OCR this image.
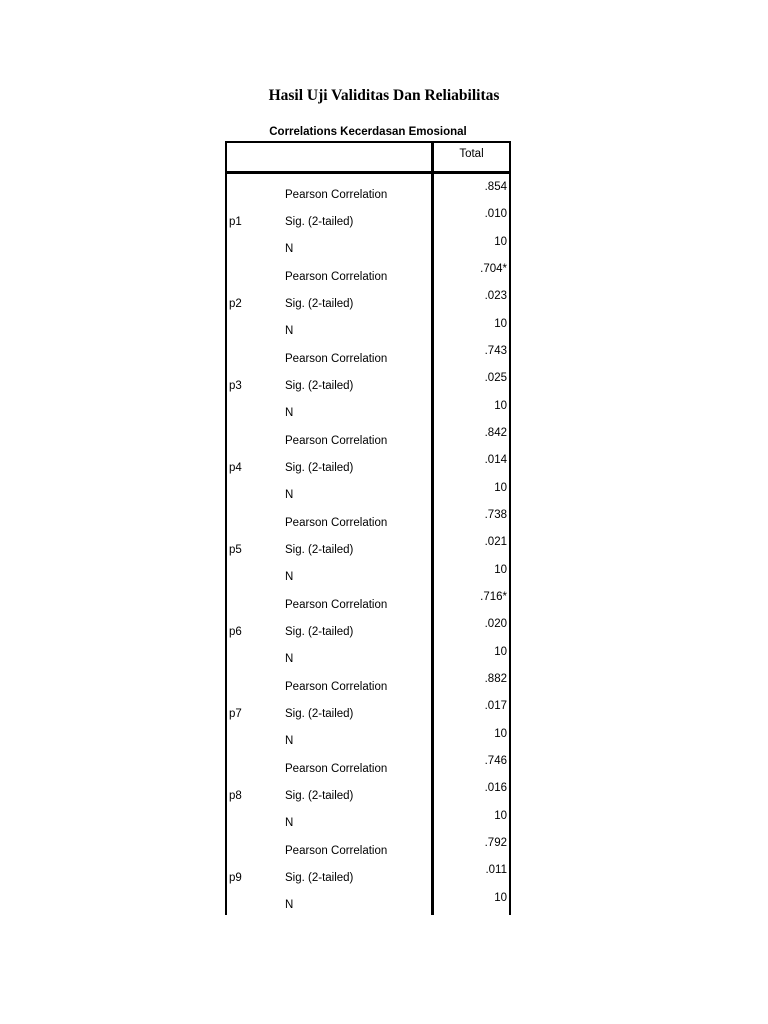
Hasil Uji Validitas Dan Reliabilitas
Correlations Kecerdasan Emosional
Total
p1
Pearson Correlation
.854
Sig. (2-tailed)
.010
N
10
p2
Pearson Correlation
.704*
Sig. (2-tailed)
.023
N
10
p3
Pearson Correlation
.743
Sig. (2-tailed)
.025
N
10
p4
Pearson Correlation
.842
Sig. (2-tailed)
.014
N
10
p5
Pearson Correlation
.738
Sig. (2-tailed)
.021
N
10
p6
Pearson Correlation
.716*
Sig. (2-tailed)
.020
N
10
p7
Pearson Correlation
.882
Sig. (2-tailed)
.017
N
10
p8
Pearson Correlation
.746
Sig. (2-tailed)
.016
N
10
p9
Pearson Correlation
.792
Sig. (2-tailed)
.011
N
10
